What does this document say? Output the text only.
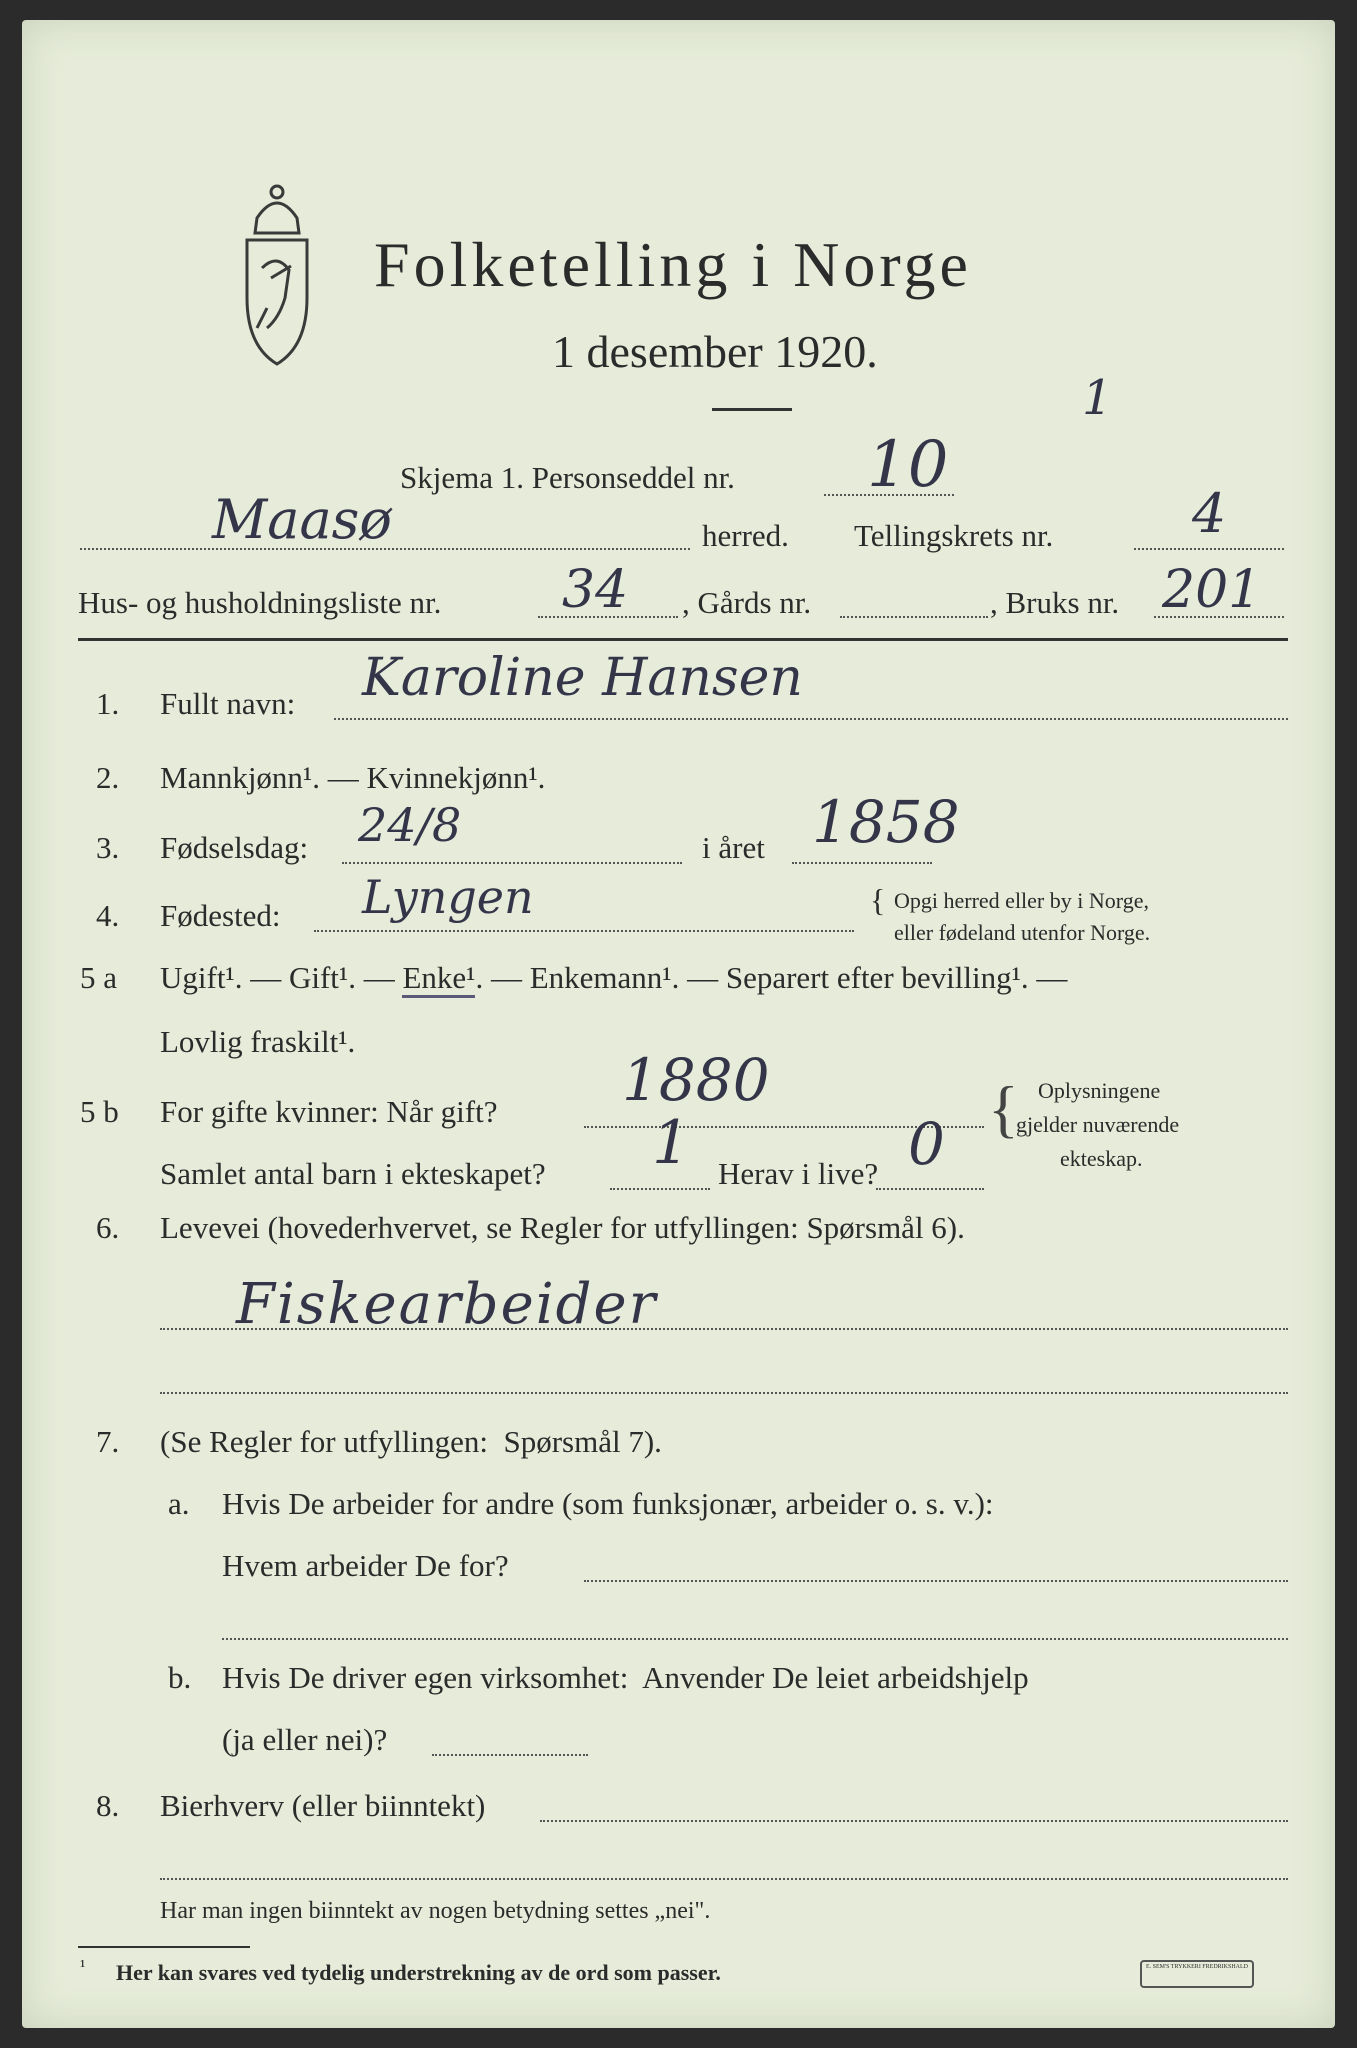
Folketelling i Norge
1 desember 1920.
1
Skjema 1. Personseddel nr. 10
Maasø	herred. Tellingskrets nr.	4
Hus- og husholdningsliste nr. 34 , Gårds nr.	, Bruks nr. 201
1. Fullt navn: Karoline Hansen
2. Mannkjønn¹. — Kvinnekjønn¹.
3. Fødselsdag: 24/8	i året 1858
4. Fødested: Lyngen	{ Opgi herred eller by i Norge,
eller fødeland utenfor Norge.
5 a Ugift¹. — Gift¹. — Enke¹. — Enkemann¹. — Separert efter bevilling¹. —
Lovlig fraskilt¹.
5 b For gifte kvinner: Når gift? 1880
Samlet antal barn i ekteskapet? 1 Herav i live? 0 { Oplysningene
gjelder nuværende
ekteskap.
6. Levevei (hovederhvervet, se Regler for utfyllingen: Spørsmål 6).
Fiskearbeider
7. (Se Regler for utfyllingen:  Spørsmål 7).
a. Hvis De arbeider for andre (som funksjonær, arbeider o. s. v.):
Hvem arbeider De for?
b. Hvis De driver egen virksomhet:  Anvender De leiet arbeidshjelp
(ja eller nei)?
8. Bierhverv (eller biinntekt)
Har man ingen biinntekt av nogen betydning settes „nei".
¹ Her kan svares ved tydelig understrekning av de ord som passer.	E. SEM'S TRYKKERI FREDRIKSHALD
